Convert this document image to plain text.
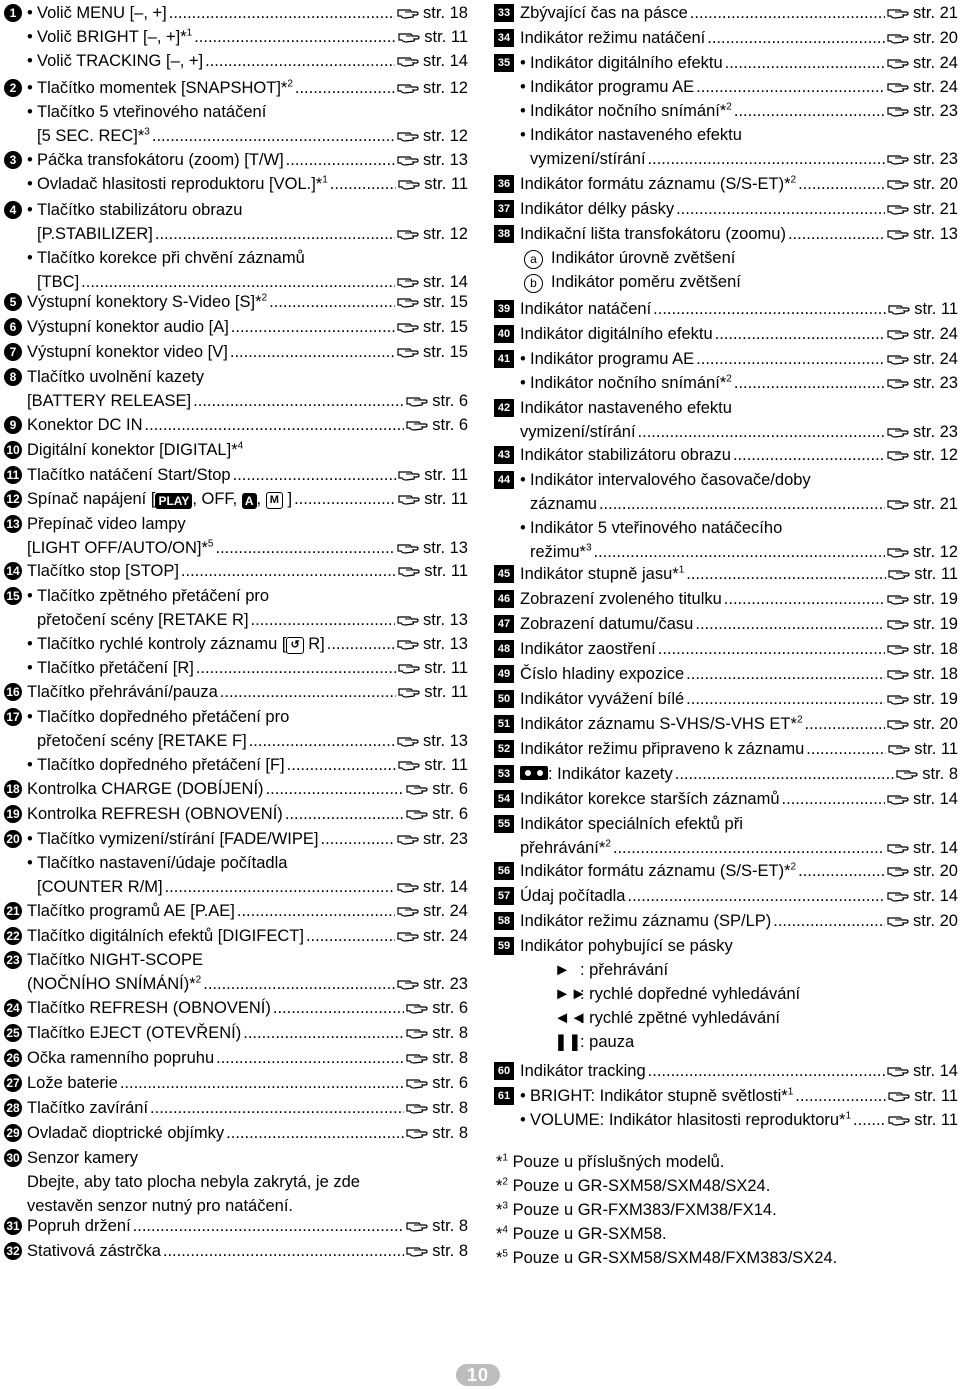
1 • Volič MENU [–, +] .....	str. 18
• Volič BRIGHT [–, +]*$^1$ .....	str. 11
• Volič TRACKING [–, +] .....	str. 14
2 • Tlačítko momentek [SNAPSHOT]*$^2$ .....	str. 12
• Tlačítko 5 vteřinového natáčení
[5 SEC. REC]*$^3$ .....	str. 12
3 • Páčka transfokátoru (zoom) [T/W] .....	str. 13
• Ovladač hlasitosti reproduktoru [VOL.]*$^1$ .....	str. 11
4 • Tlačítko stabilizátoru obrazu
[P.STABILIZER] .....	str. 12
• Tlačítko korekce při chvění záznamů
[TBC] .....	str. 14
5 Výstupní konektory S-Video [S]*$^2$ .....	str. 15
6 Výstupní konektor audio [A] .....	str. 15
7 Výstupní konektor video [V] .....	str. 15
8 Tlačítko uvolnění kazety
[BATTERY RELEASE] .....	str. 6
9 Konektor DC IN .....	str. 6
10 Digitální konektor [DIGITAL]*$^4$
11 Tlačítko natáčení Start/Stop .....	str. 11
12 Spínač napájení [ PLAY , OFF, A , M ] .....	str. 11
13 Přepínač video lampy
[LIGHT OFF/AUTO/ON]*$^5$ .....	str. 13
14 Tlačítko stop [STOP] .....	str. 11
15 • Tlačítko zpětného přetáčení pro
přetočení scény [RETAKE R] .....	str. 13
• Tlačítko rychlé kontroly záznamu [ ↺ R] .....	str. 13
• Tlačítko přetáčení [R] .....	str. 11
16 Tlačítko přehrávání/pauza .....	str. 11
17 • Tlačítko dopředného přetáčení pro
přetočení scény [RETAKE F] .....	str. 13
• Tlačítko dopředného přetáčení [F] .....	str. 11
18 Kontrolka CHARGE (DOBÍJENÍ) .....	str. 6
19 Kontrolka REFRESH (OBNOVENÍ) .....	str. 6
20 • Tlačítko vymizení/stírání [FADE/WIPE] .....	str. 23
• Tlačítko nastavení/údaje počítadla
[COUNTER R/M] .....	str. 14
21 Tlačítko programů AE [P.AE] .....	str. 24
22 Tlačítko digitálních efektů [DIGIFECT] .....	str. 24
23 Tlačítko NIGHT-SCOPE
(NOČNÍHO SNÍMÁNÍ)*$^2$ .....	str. 23
24 Tlačítko REFRESH (OBNOVENÍ) .....	str. 6
25 Tlačítko EJECT (OTEVŘENÍ) .....	str. 8
26 Očka ramenního popruhu .....	str. 8
27 Lože baterie .....	str. 6
28 Tlačítko zavírání .....	str. 8
29 Ovladač dioptrické objímky .....	str. 8
30 Senzor kamery
Dbejte, aby tato plocha nebyla zakrytá, je zde
vestavěn senzor nutný pro natáčení.
31 Popruh držení .....	str. 8
32 Stativová zástrčka .....	str. 8
33 Zbývající čas na pásce .....	str. 21
34 Indikátor režimu natáčení .....	str. 20
35 • Indikátor digitálního efektu .....	str. 24
• Indikátor programu AE .....	str. 24
• Indikátor nočního snímání*$^2$ .....	str. 23
• Indikátor nastaveného efektu
vymizení/stírání .....	str. 23
36 Indikátor formátu záznamu (S/S-ET)*$^2$ .....	str. 20
37 Indikátor délky pásky .....	str. 21
38 Indikační lišta transfokátoru (zoomu) .....	str. 13
a Indikátor úrovně zvětšení
b Indikátor poměru zvětšení
39 Indikátor natáčení .....	str. 11
40 Indikátor digitálního efektu .....	str. 24
41 • Indikátor programu AE .....	str. 24
• Indikátor nočního snímání*$^2$ .....	str. 23
42 Indikátor nastaveného efektu
vymizení/stírání .....	str. 23
43 Indikátor stabilizátoru obrazu .....	str. 12
44 • Indikátor intervalového časovače/doby
záznamu .....	str. 21
• Indikátor 5 vteřinového natáčecího
režimu*$^3$ .....	str. 12
45 Indikátor stupně jasu*$^1$ .....	str. 11
46 Zobrazení zvoleného titulku .....	str. 19
47 Zobrazení datumu/času .....	str. 19
48 Indikátor zaostření .....	str. 18
49 Číslo hladiny expozice .....	str. 18
50 Indikátor vyvážení bílé .....	str. 19
51 Indikátor záznamu S-VHS/S-VHS ET*$^2$ .....	str. 20
52 Indikátor režimu připraveno k záznamu .....	str. 11
53	: Indikátor kazety .....	str. 8
54 Indikátor korekce starších záznamů .....	str. 14
55 Indikátor speciálních efektů při
přehrávání*$^2$ .....	str. 14
56 Indikátor formátu záznamu (S/S-ET)*$^2$ .....	str. 20
57 Údaj počítadla .....	str. 14
58 Indikátor režimu záznamu (SP/LP) .....	str. 20
59 Indikátor pohybující se pásky
► : přehrávání
►►: rychlé dopředné vyhledávání
◄◄: rychlé zpětné vyhledávání
❚❚: pauza
60 Indikátor tracking .....	str. 14
61 • BRIGHT: Indikátor stupně světlosti*$^1$ .....	str. 11
• VOLUME: Indikátor hlasitosti reproduktoru*$^1$ .....	str. 11
*$^1$ Pouze u příslušných modelů.
*$^2$ Pouze u GR-SXM58/SXM48/SX24.
*$^3$ Pouze u GR-FXM383/FXM38/FX14.
*$^4$ Pouze u GR-SXM58.
*$^5$ Pouze u GR-SXM58/SXM48/FXM383/SX24.
10
